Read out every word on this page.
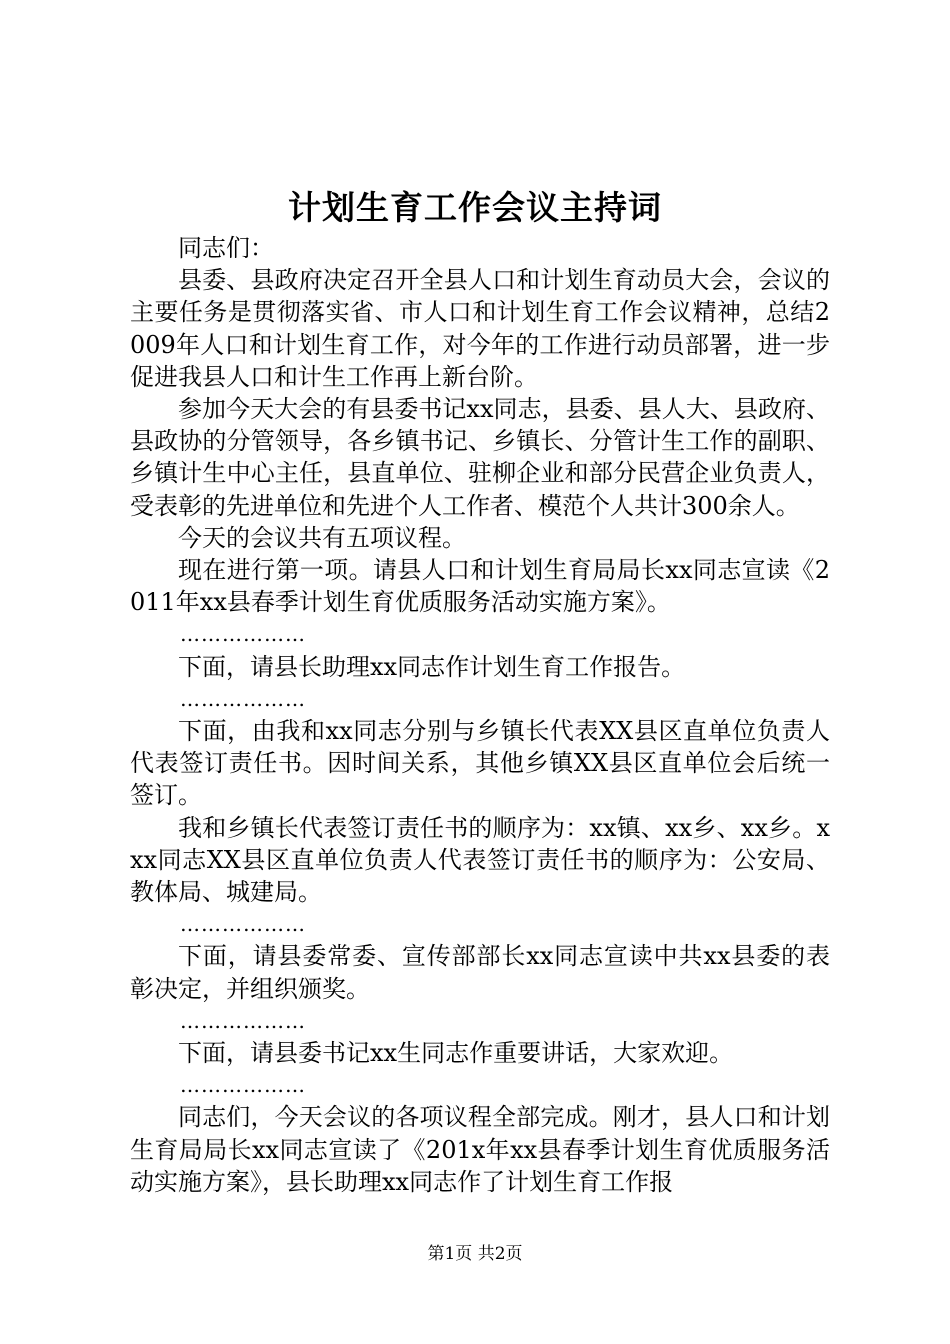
计划生育工作会议主持词

同志们：

县委、县政府决定召开全县人口和计划生育动员大会，会议的主要任务是贯彻落实省、市人口和计划生育工作会议精神，总结2009年人口和计划生育工作，对今年的工作进行动员部署，进一步促进我县人口和计生工作再上新台阶。

参加今天大会的有县委书记xx同志，县委、县人大、县政府、县政协的分管领导，各乡镇书记、乡镇长、分管计生工作的副职、乡镇计生中心主任，县直单位、驻柳企业和部分民营企业负责人，受表彰的先进单位和先进个人工作者、模范个人共计300余人。

今天的会议共有五项议程。

现在进行第一项。请县人口和计划生育局局长xx同志宣读《2011年xx县春季计划生育优质服务活动实施方案》。

………………

下面，请县长助理xx同志作计划生育工作报告。

………………

下面，由我和xx同志分别与乡镇长代表XX县区直单位负责人代表签订责任书。因时间关系，其他乡镇XX县区直单位会后统一签订。

我和乡镇长代表签订责任书的顺序为：xx镇、xx乡、xx乡。xxx同志XX县区直单位负责人代表签订责任书的顺序为：公安局、教体局、城建局。

………………

下面，请县委常委、宣传部部长xx同志宣读中共xx县委的表彰决定，并组织颁奖。

………………

下面，请县委书记xx生同志作重要讲话，大家欢迎。

………………

同志们，今天会议的各项议程全部完成。刚才，县人口和计划生育局局长xx同志宣读了《201x年xx县春季计划生育优质服务活动实施方案》，县长助理xx同志作了计划生育工作报

第1页 共2页
